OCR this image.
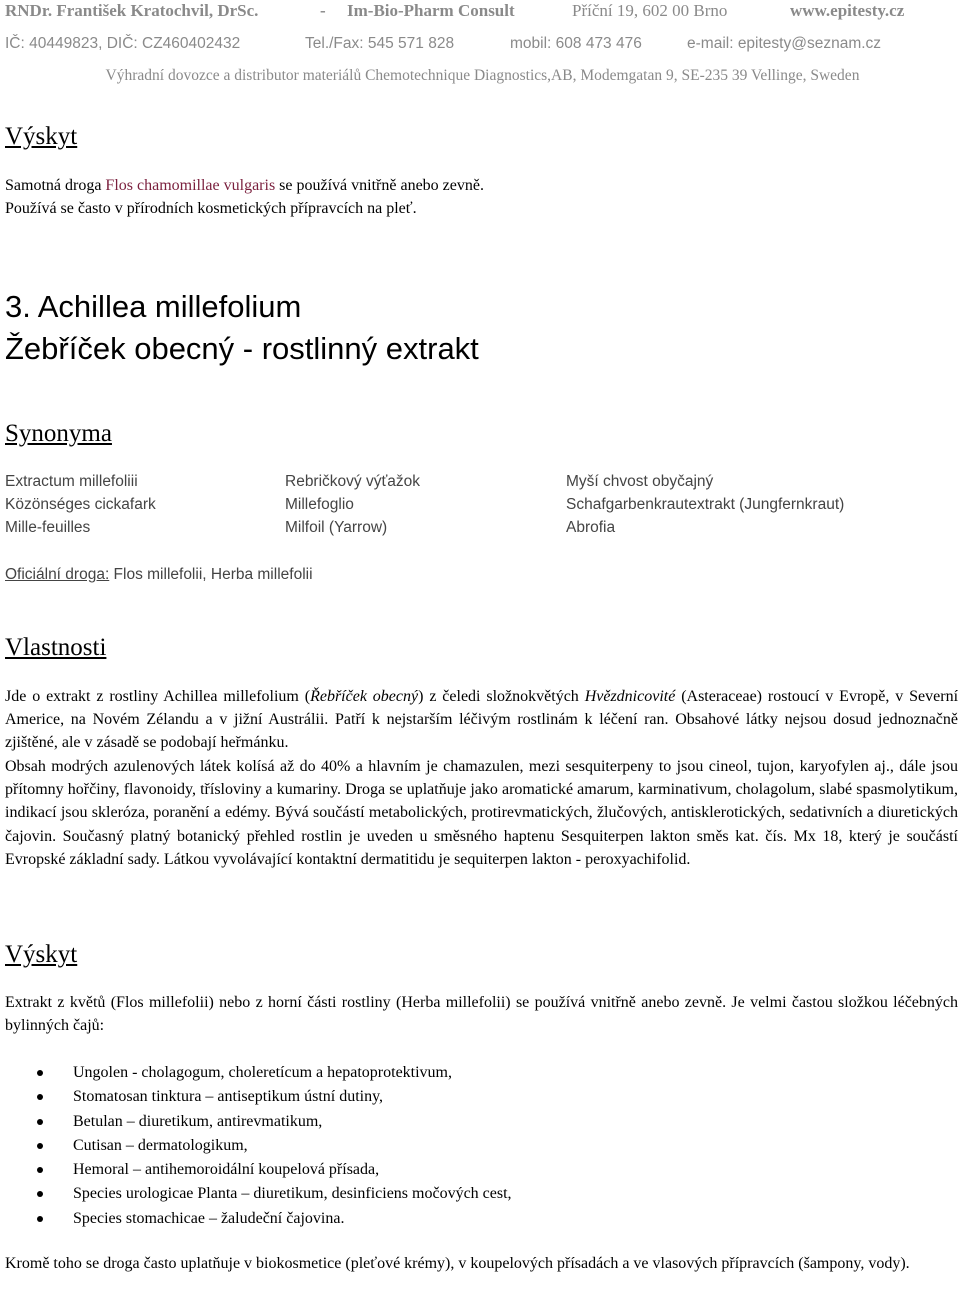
RNDr. František Kratochvil, DrSc.	- Im-Bio-Pharm Consult	Příční 19, 602 00 Brno	www.epitesty.cz
IČ: 40449823, DIČ: CZ460402432	Tel./Fax: 545 571 828	mobil: 608 473 476	e-mail: epitesty@seznam.cz
Výhradní dovozce a distributor materiálů Chemotechnique Diagnostics,AB, Modemgatan 9, SE-235 39 Vellinge, Sweden
Výskyt

Samotná droga Flos chamomillae vulgaris se používá vnitřně anebo zevně.

Používá se často v přírodních kosmetických přípravcích na pleť.

3. Achillea millefolium
Žebříček obecný - rostlinný extrakt
Synonyma
Extractum millefoliii	Rebričkový výťažok	Myší chvost obyčajný
Közönséges cickafark	Millefoglio	Schafgarbenkrautextrakt (Jungfernkraut)
Mille-feuilles	Milfoil (Yarrow)	Abrofia
Oficiální droga: Flos millefolii, Herba millefolii
Vlastnosti

Jde o extrakt z rostliny Achillea millefolium (Řebříček obecný) z čeledi složnokvětých Hvězdnicovité (Asteraceae) rostoucí v Evropě, v Severní Americe, na Novém Zélandu a v jižní Austrálii. Patří k nejstarším léčivým rostlinám k léčení ran. Obsahové látky nejsou dosud jednoznačně zjištěné, ale v zásadě se podobají heřmánku.

Obsah modrých azulenových látek kolísá až do 40% a hlavním je chamazulen, mezi sesquiterpeny to jsou cineol, tujon, karyofylen aj., dále jsou přítomny hořčiny, flavonoidy, třísloviny a kumariny. Droga se uplatňuje jako aromatické amarum, karminativum, cholagolum, slabé spasmolytikum, indikací jsou skleróza, poranění a edémy. Bývá součástí metabolických, protirevmatických, žlučových, antisklerotických, sedativních a diuretických čajovin. Současný platný botanický přehled rostlin je uveden u směsného haptenu Sesquiterpen lakton směs kat. čís. Mx 18, který je součástí Evropské základní sady. Látkou vyvolávající kontaktní dermatitidu je sequiterpen lakton - peroxyachifolid.

Výskyt

Extrakt z květů (Flos millefolii) nebo z horní části rostliny (Herba millefolii) se používá vnitřně anebo zevně. Je velmi častou složkou léčebných bylinných čajů:

Ungolen - cholagogum, choleretícum a hepatoprotektivum,
Stomatosan tinktura – antiseptikum ústní dutiny,
Betulan – diuretikum, antirevmatikum,
Cutisan – dermatologikum,
Hemoral – antihemoroidální koupelová přísada,
Species urologicae Planta – diuretikum, desinficiens močových cest,
Species stomachicae – žaludeční čajovina.

Kromě toho se droga často uplatňuje v biokosmetice (pleťové krémy), v koupelových přísadách a ve vlasových přípravcích (šampony, vody).
